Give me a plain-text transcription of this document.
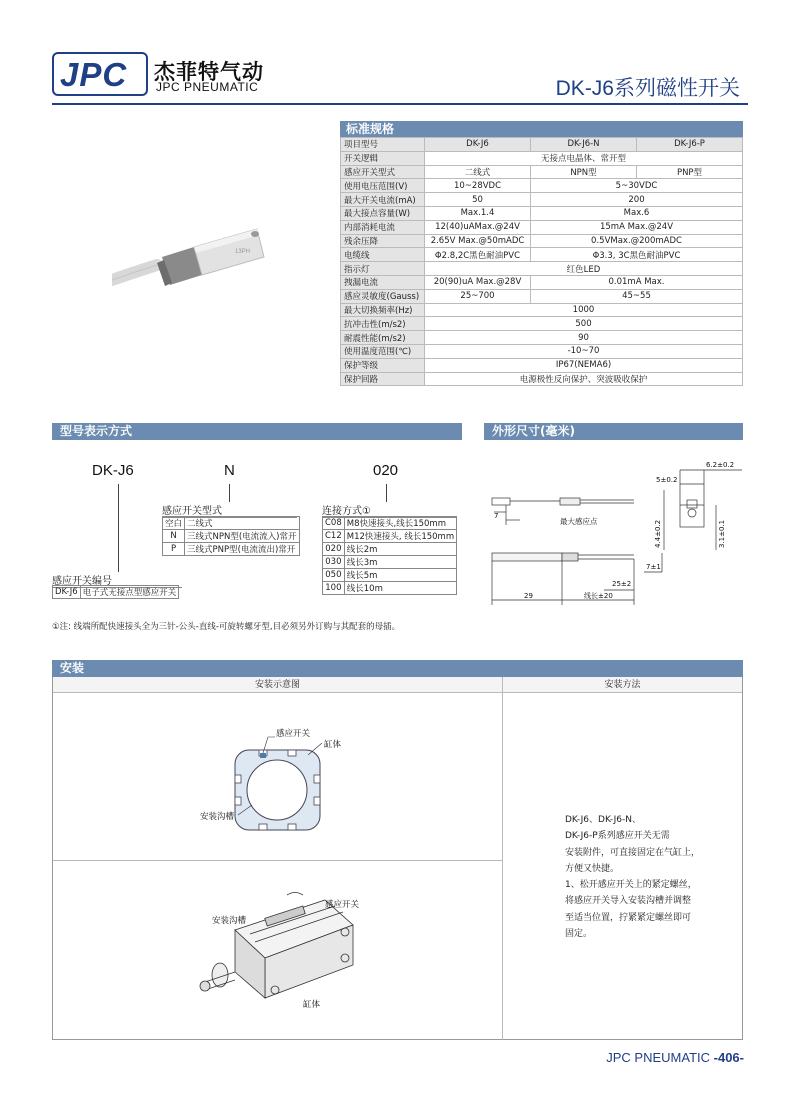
JPC 杰菲特气动
JPC PNEUMATIC	DK-J6系列磁性开关
13PH
标准规格
项目型号	DK-J6	DK-J6-N	DK-J6-P
开关逻辑	无接点电晶体、常开型		
感应开关型式	二线式	NPN型	PNP型
使用电压范围(V)	10~28VDC	5~30VDC	
最大开关电流(mA)	50	200	
最大接点容量(W)	Max.1.4	Max.6	
内部消耗电流	12(40)uAMax.@24V	15mA Max.@24V	
残余压降	2.65V Max.@50mADC	0.5VMax.@200mADC	
电缆线	Φ2.8,2C黑色耐油PVC	Φ3.3, 3C黑色耐油PVC	
指示灯	红色LED		
拽漏电流	20(90)uA Max.@28V	0.01mA Max.	
感应灵敏度(Gauss)	25~700	45~55	
最大切换频率(Hz)	1000		
抗冲击性(m/s2)	500		
耐震性能(m/s2)	90		
使用温度范围(℃)	-10~70		
保护等级	IP67(NEMA6)		
保护回路	电源极性反向保护、突波吸收保护		
型号表示方式	外形尺寸(毫米)
DK-J6	N	020
感应开关型式
空白	二线式
N	三线式NPN型(电流流入)常开
P	三线式PNP型(电流流出)常开
连接方式①
C08	M8快速接头,线长150mm
C12	M12快速接头, 线长150mm
020	线长2m
030	线长3m
050	线长5m
100	线长10m
感应开关编号
DK-J6	电子式无接点型感应开关
①注: 线端所配快速接头全为三针-公头-直线-可旋转螺牙型,目必须另外订购与其配套的母插。
最大感应点
7
5±0.2
6.2±0.2
4.4±0.2	3.1±0.1
7±1
25±2
29	线长±20
安装
安装示意图	安装方法
感应开关
缸体
安装沟槽
感应开关
安装沟槽
缸体

DK-J6、DK-J6-N、

DK-J6-P系列感应开关无需

安装附件，可直接固定在气缸上，

方便又快捷。

1、松开感应开关上的紧定螺丝，

将感应开关导入安装沟槽并调整

至适当位置，拧紧紧定螺丝即可

固定。

JPC PNEUMATIC -406-
